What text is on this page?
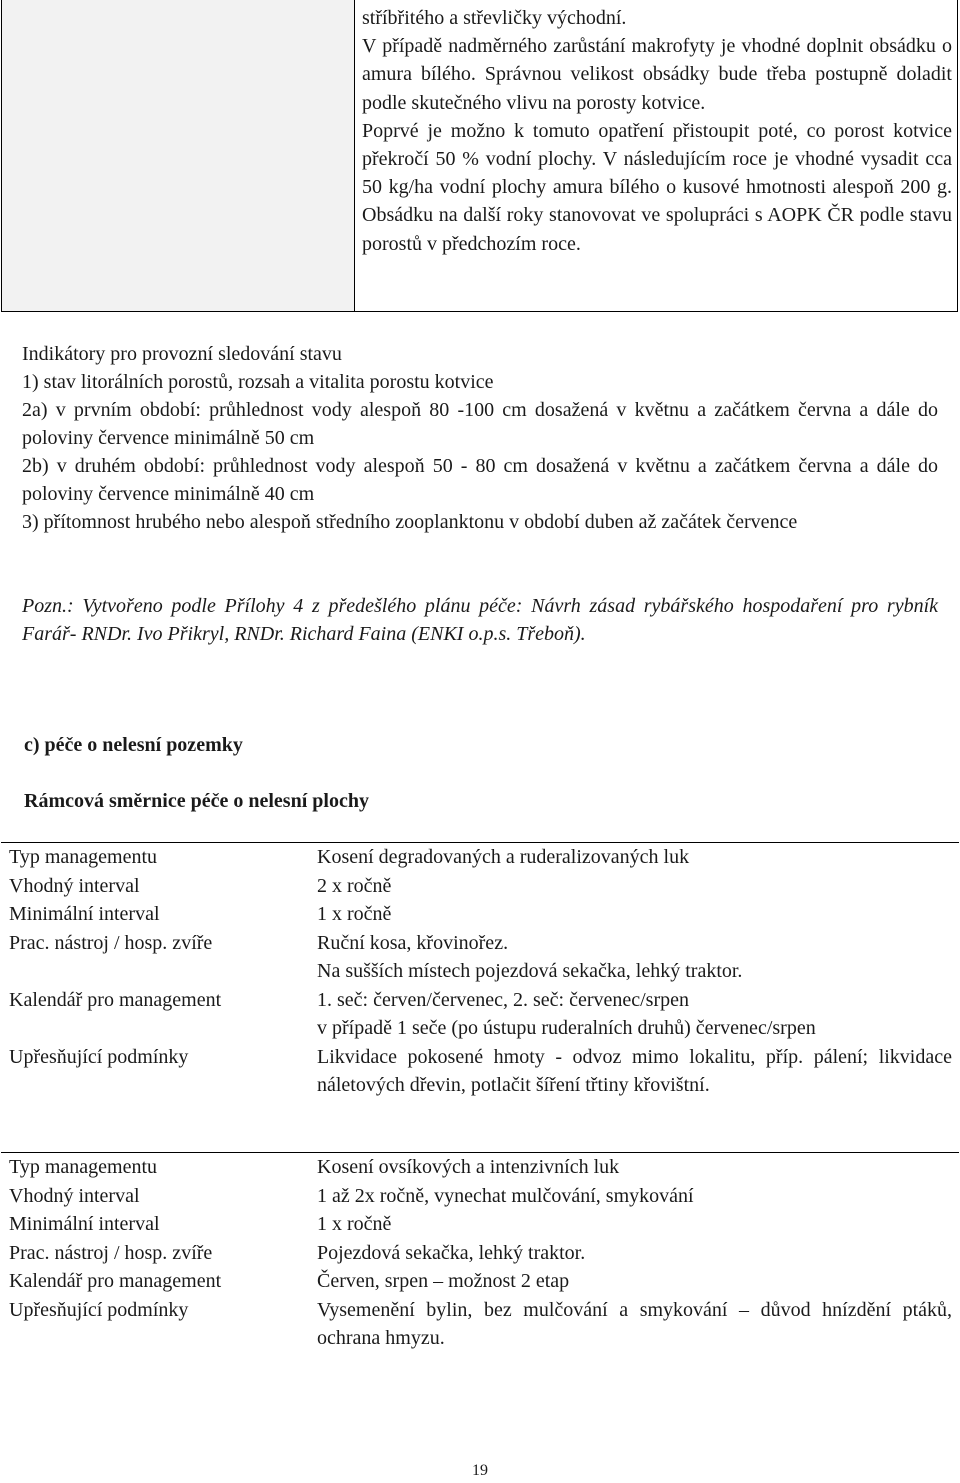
stříbřitého a střevličky východní.

V případě nadměrného zarůstání makrofyty je vhodné doplnit obsádku o amura bílého. Správnou velikost obsádky bude třeba postupně doladit podle skutečného vlivu na porosty kotvice.

Poprvé je možno k tomuto opatření přistoupit poté, co porost kotvice překročí 50 % vodní plochy. V následujícím roce je vhodné vysadit cca 50 kg/ha vodní plochy amura bílého o kusové hmotnosti alespoň 200 g. Obsádku na další roky stanovovat ve spolupráci s AOPK ČR podle stavu porostů v předchozím roce.

Indikátory pro provozní sledování stavu

1) stav litorálních porostů, rozsah a vitalita porostu kotvice

2a) v prvním období: průhlednost vody alespoň 80 -100 cm dosažená v květnu a začátkem června a dále do poloviny července minimálně 50 cm

2b) v druhém období: průhlednost vody alespoň 50 - 80 cm dosažená v květnu a začátkem června a dále do poloviny července minimálně 40 cm

3) přítomnost hrubého nebo alespoň středního zooplanktonu v období duben až začátek července

Pozn.: Vytvořeno podle Přílohy 4 z předešlého plánu péče: Návrh zásad rybářského hospodaření pro rybník Farář- RNDr. Ivo Přikryl, RNDr. Richard Faina (ENKI o.p.s. Třeboň).

c) péče o nelesní pozemky
Rámcová směrnice péče o nelesní plochy
Typ managementu	Kosení degradovaných a ruderalizovaných luk
Vhodný interval	2 x ročně
Minimální interval	1 x ročně
Prac. nástroj / hosp. zvíře	Ruční kosa, křovinořez.
Na sušších místech pojezdová sekačka, lehký traktor.
Kalendář pro management	1. seč: červen/červenec, 2. seč: červenec/srpen
v případě 1 seče (po ústupu ruderalních druhů) červenec/srpen
Upřesňující podmínky	Likvidace pokosené hmoty - odvoz mimo lokalitu, příp. pálení; likvidace náletových dřevin, potlačit šíření třtiny křovištní.
Typ managementu	Kosení ovsíkových a intenzivních luk
Vhodný interval	1 až 2x ročně, vynechat mulčování, smykování
Minimální interval	1 x ročně
Prac. nástroj / hosp. zvíře	Pojezdová sekačka, lehký traktor.
Kalendář pro management	Červen, srpen – možnost 2 etap
Upřesňující podmínky	Vysemenění bylin, bez mulčování a smykování – důvod hnízdění ptáků, ochrana hmyzu.
19
